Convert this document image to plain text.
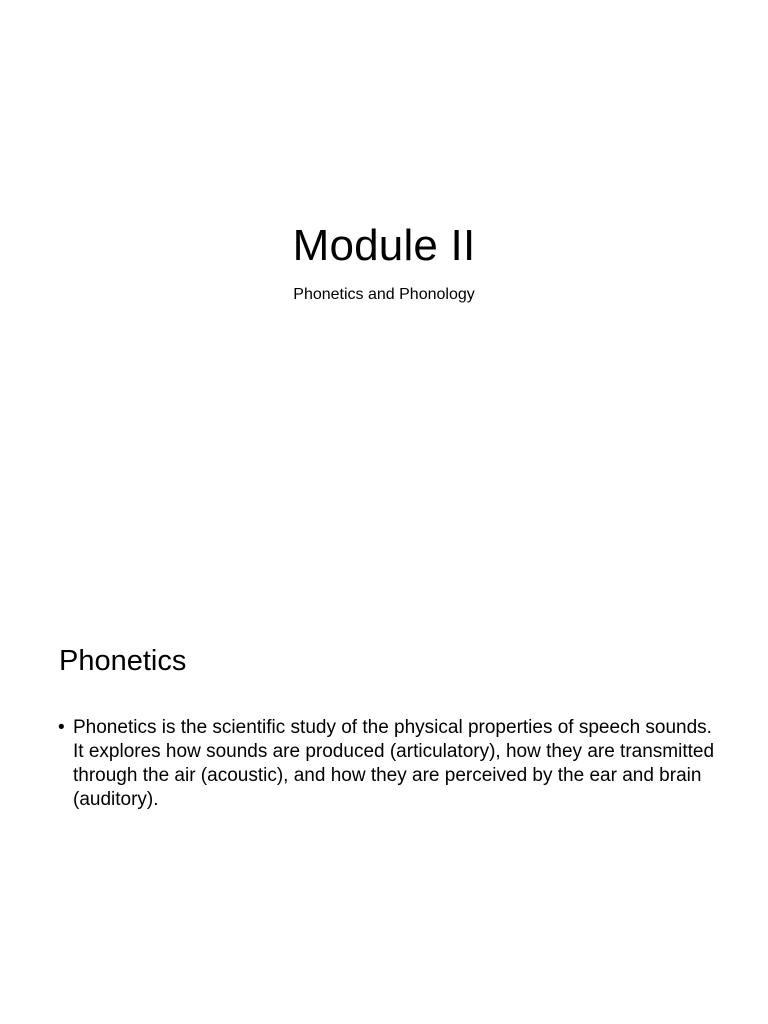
Module II
Phonetics and Phonology
Phonetics
• Phonetics is the scientific study of the physical properties of speech sounds. It explores how sounds are produced (articulatory), how they are transmitted through the air (acoustic), and how they are perceived by the ear and brain (auditory).
